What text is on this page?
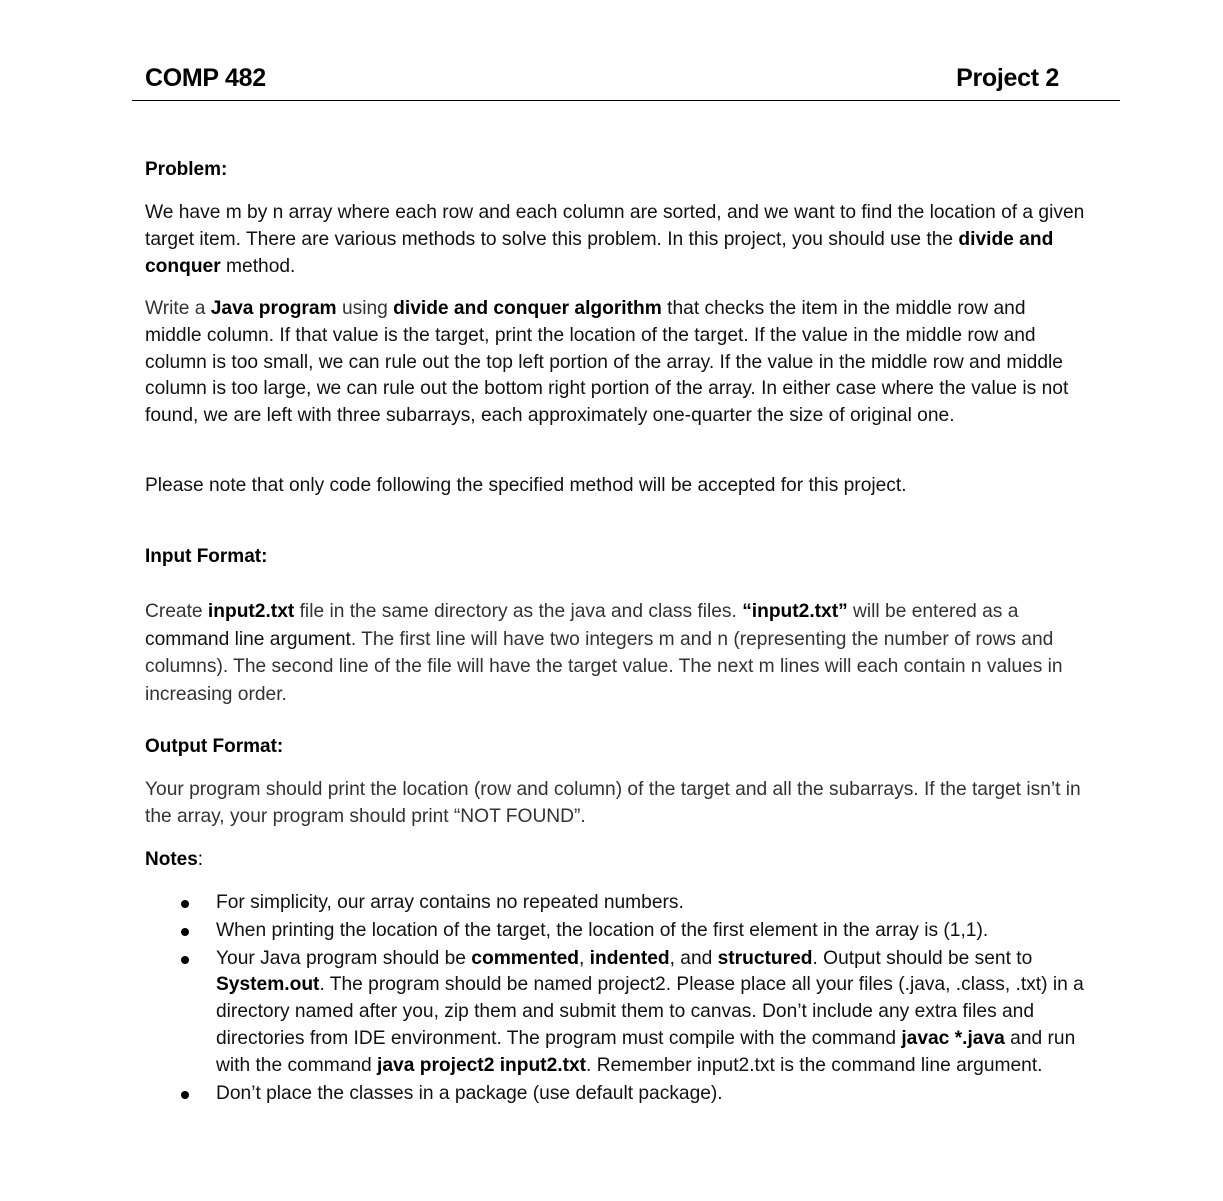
COMP 482	Project 2
Problem:
We have m by n array where each row and each column are sorted, and we want to find the location of a given target item. There are various methods to solve this problem. In this project, you should use the divide and conquer method.
Write a Java program using divide and conquer algorithm that checks the item in the middle row and middle column. If that value is the target, print the location of the target. If the value in the middle row and column is too small, we can rule out the top left portion of the array. If the value in the middle row and middle column is too large, we can rule out the bottom right portion of the array. In either case where the value is not found, we are left with three subarrays, each approximately one-quarter the size of original one.
Please note that only code following the specified method will be accepted for this project.
Input Format:
Create input2.txt file in the same directory as the java and class files. “input2.txt” will be entered as a command line argument. The first line will have two integers m and n (representing the number of rows and columns). The second line of the file will have the target value. The next m lines will each contain n values in increasing order.
Output Format:
Your program should print the location (row and column) of the target and all the subarrays. If the target isn’t in the array, your program should print “NOT FOUND”.
Notes:
For simplicity, our array contains no repeated numbers.
When printing the location of the target, the location of the first element in the array is (1,1).
Your Java program should be commented, indented, and structured. Output should be sent to System.out. The program should be named project2. Please place all your files (.java, .class, .txt) in a directory named after you, zip them and submit them to canvas. Don’t include any extra files and directories from IDE environment. The program must compile with the command javac *.java and run with the command java project2 input2.txt. Remember input2.txt is the command line argument.
Don’t place the classes in a package (use default package).
